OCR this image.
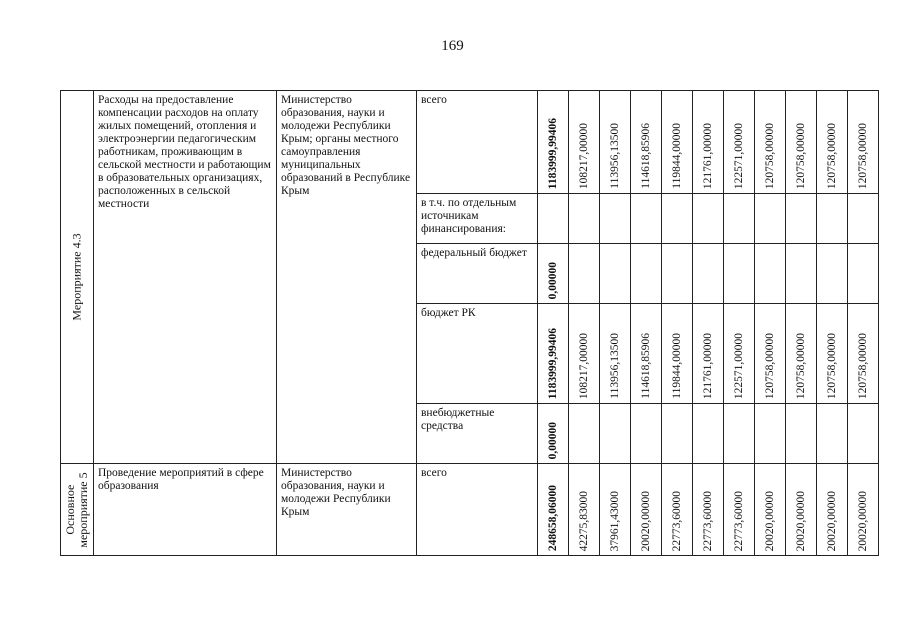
169
Мероприятие 4.3	Расходы на предоставление компенсации расходов на оплату жилых помещений, отопления и электроэнергии педагогическим работникам, проживающим в сельской местности и работающим в образовательных организациях, расположенных в сельской местности	Министерство образования, науки и молодежи Республики Крым; органы местного самоуправления муниципальных образований в Республике Крым	всего	1183999,99406	108217,00000	113956,13500	114618,85906	119844,00000	121761,00000	122571,00000	120758,00000	120758,00000	120758,00000	120758,00000

			в т.ч. по отдельным источникам финансирования:											

			федеральный бюджет	0,00000										

			бюджет РК	1183999,99406	108217,00000	113956,13500	114618,85906	119844,00000	121761,00000	122571,00000	120758,00000	120758,00000	120758,00000	120758,00000

			внебюджетные средства	0,00000										

Основное
мероприятие 5	Проведение мероприятий в сфере образования	Министерство образования, науки и молодежи Республики Крым	всего	248658,06000	42275,83000	37961,43000	20020,00000	22773,60000	22773,60000	22773,60000	20020,00000	20020,00000	20020,00000	20020,00000
